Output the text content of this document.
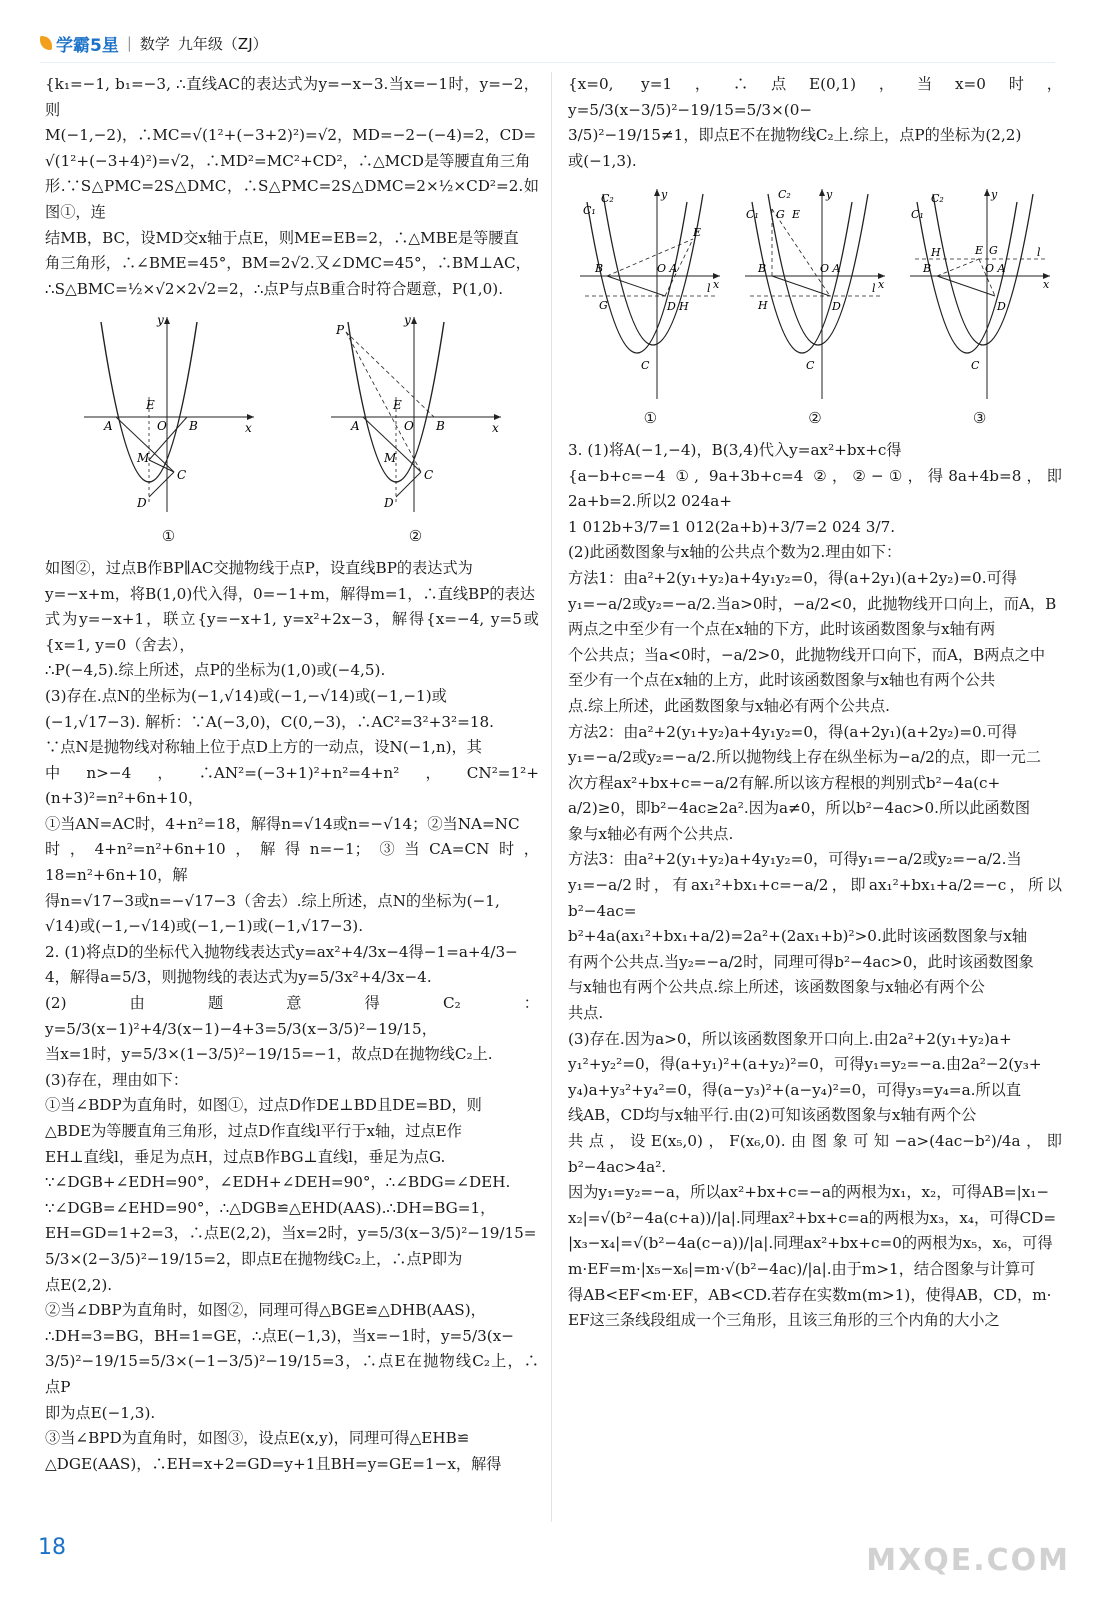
学霸5星 | 数学 九年级（ZJ）

{k₁=−1, b₁=−3, ∴直线AC的表达式为y=−x−3.当x=−1时，y=−2，则

M(−1,−2)，∴MC=√(1²+(−3+2)²)=√2，MD=−2−(−4)=2，CD=

√(1²+(−3+4)²)=√2，∴MD²=MC²+CD²，∴△MCD是等腰直角三角

形.∵S△PMC=2S△DMC，∴S△PMC=2S△DMC=2×½×CD²=2.如图①，连

结MB，BC，设MD交x轴于点E，则ME=EB=2，∴△MBE是等腰直

角三角形，∴∠BME=45°，BM=2√2.又∠DMC=45°，∴BM⊥AC，

∴S△BMC=½×√2×2√2=2，∴点P与点B重合时符合题意，P(1,0).

E
O
A	B
M
C
D
x
y
①
P
E
O
A	B
M
C
D
x
y
②

如图②，过点B作BP∥AC交抛物线于点P，设直线BP的表达式为

y=−x+m，将B(1,0)代入得，0=−1+m，解得m=1，∴直线BP的表达

式为y=−x+1，联立{y=−x+1, y=x²+2x−3，解得{x=−4, y=5或{x=1, y=0（舍去），

∴P(−4,5).综上所述，点P的坐标为(1,0)或(−4,5).

(3)存在.点N的坐标为(−1,√14)或(−1,−√14)或(−1,−1)或

(−1,√17−3). 解析：∵A(−3,0)，C(0,−3)，∴AC²=3²+3²=18.

∵点N是抛物线对称轴上位于点D上方的一动点，设N(−1,n)，其

中n>−4，∴AN²=(−3+1)²+n²=4+n²，CN²=1²+(n+3)²=n²+6n+10，

①当AN=AC时，4+n²=18，解得n=√14或n=−√14；②当NA=NC

时，4+n²=n²+6n+10，解得n=−1；③当CA=CN时，18=n²+6n+10，解

得n=√17−3或n=−√17−3（舍去）.综上所述，点N的坐标为(−1,

√14)或(−1,−√14)或(−1,−1)或(−1,√17−3).

2. (1)将点D的坐标代入抛物线表达式y=ax²+4/3x−4得−1=a+4/3−

4，解得a=5/3，则抛物线的表达式为y=5/3x²+4/3x−4.

(2)由题意得C₂：y=5/3(x−1)²+4/3(x−1)−4+3=5/3(x−3/5)²−19/15，

当x=1时，y=5/3×(1−3/5)²−19/15=−1，故点D在抛物线C₂上.

(3)存在，理由如下：

①当∠BDP为直角时，如图①，过点D作DE⊥BD且DE=BD，则

△BDE为等腰直角三角形，过点D作直线l平行于x轴，过点E作

EH⊥直线l，垂足为点H，过点B作BG⊥直线l，垂足为点G.

∵∠DGB+∠EDH=90°，∠EDH+∠DEH=90°，∴∠BDG=∠DEH.

∵∠DGB=∠EHD=90°，∴△DGB≌△EHD(AAS).∴DH=BG=1，

EH=GD=1+2=3，∴点E(2,2)，当x=2时，y=5/3(x−3/5)²−19/15=

5/3×(2−3/5)²−19/15=2，即点E在抛物线C₂上，∴点P即为

点E(2,2).

②当∠DBP为直角时，如图②，同理可得△BGE≌△DHB(AAS)，

∴DH=3=BG，BH=1=GE，∴点E(−1,3)，当x=−1时，y=5/3(x−

3/5)²−19/15=5/3×(−1−3/5)²−19/15=3，∴点E在抛物线C₂上，∴点P

即为点E(−1,3).

③当∠BPD为直角时，如图③，设点E(x,y)，同理可得△EHB≌

△DGE(AAS)，∴EH=x+2=GD=y+1且BH=y=GE=1−x，解得

{x=0, y=1，∴点E(0,1)，当x=0时，y=5/3(x−3/5)²−19/15=5/3×(0−

3/5)²−19/15≠1，即点E不在抛物线C₂上.综上，点P的坐标为(2,2)

或(−1,3).

C₁
C₂	y
E
B	O A
G	D H
C
l x
①
C₁
C₂
G E
B	O A
H	D
C
l x
y
②
C₁
C₂	y
H	E G
B	O A
D
C
l
x
③

3. (1)将A(−1,−4)，B(3,4)代入y=ax²+bx+c得

{a−b+c=−4 ①, 9a+3b+c=4 ②，②−①，得8a+4b=8，即2a+b=2.所以2 024a+

1 012b+3/7=1 012(2a+b)+3/7=2 024 3/7.

(2)此函数图象与x轴的公共点个数为2.理由如下：

方法1：由a²+2(y₁+y₂)a+4y₁y₂=0，得(a+2y₁)(a+2y₂)=0.可得

y₁=−a/2或y₂=−a/2.当a>0时，−a/2<0，此抛物线开口向上，而A，B

两点之中至少有一个点在x轴的下方，此时该函数图象与x轴有两

个公共点；当a<0时，−a/2>0，此抛物线开口向下，而A，B两点之中

至少有一个点在x轴的上方，此时该函数图象与x轴也有两个公共

点.综上所述，此函数图象与x轴必有两个公共点.

方法2：由a²+2(y₁+y₂)a+4y₁y₂=0，得(a+2y₁)(a+2y₂)=0.可得

y₁=−a/2或y₂=−a/2.所以抛物线上存在纵坐标为−a/2的点，即一元二

次方程ax²+bx+c=−a/2有解.所以该方程根的判别式b²−4a(c+

a/2)≥0，即b²−4ac≥2a².因为a≠0，所以b²−4ac>0.所以此函数图

象与x轴必有两个公共点.

方法3：由a²+2(y₁+y₂)a+4y₁y₂=0，可得y₁=−a/2或y₂=−a/2.当

y₁=−a/2时，有ax₁²+bx₁+c=−a/2，即ax₁²+bx₁+a/2=−c，所以b²−4ac=

b²+4a(ax₁²+bx₁+a/2)=2a²+(2ax₁+b)²>0.此时该函数图象与x轴

有两个公共点.当y₂=−a/2时，同理可得b²−4ac>0，此时该函数图象

与x轴也有两个公共点.综上所述，该函数图象与x轴必有两个公

共点.

(3)存在.因为a>0，所以该函数图象开口向上.由2a²+2(y₁+y₂)a+

y₁²+y₂²=0，得(a+y₁)²+(a+y₂)²=0，可得y₁=y₂=−a.由2a²−2(y₃+

y₄)a+y₃²+y₄²=0，得(a−y₃)²+(a−y₄)²=0，可得y₃=y₄=a.所以直

线AB，CD均与x轴平行.由(2)可知该函数图象与x轴有两个公

共点，设E(x₅,0)，F(x₆,0).由图象可知−a>(4ac−b²)/4a，即b²−4ac>4a².

因为y₁=y₂=−a，所以ax²+bx+c=−a的两根为x₁，x₂，可得AB=|x₁−

x₂|=√(b²−4a(c+a))/|a|.同理ax²+bx+c=a的两根为x₃，x₄，可得CD=

|x₃−x₄|=√(b²−4a(c−a))/|a|.同理ax²+bx+c=0的两根为x₅，x₆，可得

m·EF=m·|x₅−x₆|=m·√(b²−4ac)/|a|.由于m>1，结合图象与计算可

得AB<EF<m·EF，AB<CD.若存在实数m(m>1)，使得AB，CD，m·

EF这三条线段组成一个三角形，且该三角形的三个内角的大小之

18	MXQE.COM
